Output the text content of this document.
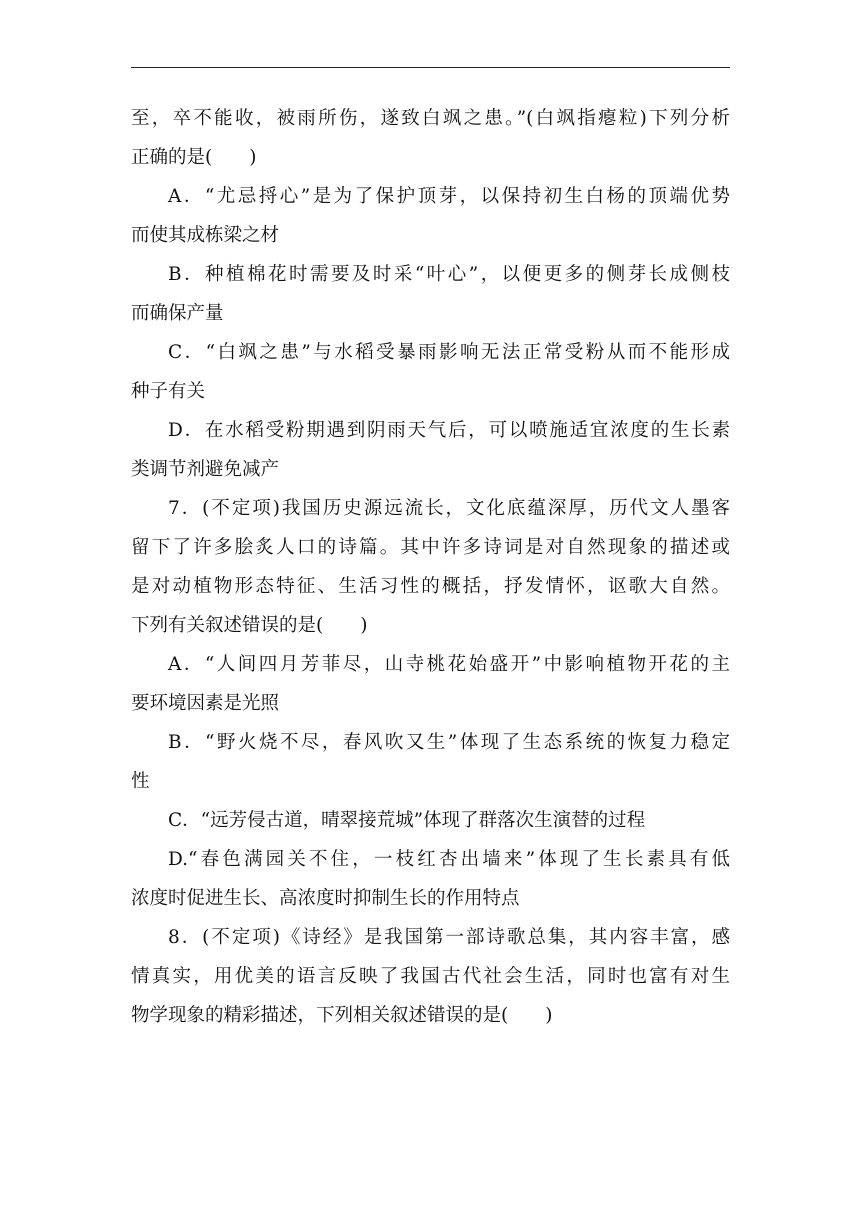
至，卒不能收，被雨所伤，遂致白飒之患。”(白飒指瘪粒)下列分析
正确的是(　　)
A．“尤忌捋心”是为了保护顶芽，以保持初生白杨的顶端优势
而使其成栋梁之材
B．种植棉花时需要及时采“叶心”，以便更多的侧芽长成侧枝
而确保产量
C．“白飒之患”与水稻受暴雨影响无法正常受粉从而不能形成
种子有关
D．在水稻受粉期遇到阴雨天气后，可以喷施适宜浓度的生长素
类调节剂避免减产
7．(不定项)我国历史源远流长，文化底蕴深厚，历代文人墨客
留下了许多脍炙人口的诗篇。其中许多诗词是对自然现象的描述或
是对动植物形态特征、生活习性的概括，抒发情怀，讴歌大自然。
下列有关叙述错误的是(　　)
A．“人间四月芳菲尽，山寺桃花始盛开”中影响植物开花的主
要环境因素是光照
B．“野火烧不尽，春风吹又生”体现了生态系统的恢复力稳定
性
C．“远芳侵古道，晴翠接荒城”体现了群落次生演替的过程
D.“春色满园关不住，一枝红杏出墙来”体现了生长素具有低
浓度时促进生长、高浓度时抑制生长的作用特点
8．(不定项)《诗经》是我国第一部诗歌总集，其内容丰富，感
情真实，用优美的语言反映了我国古代社会生活，同时也富有对生
物学现象的精彩描述，下列相关叙述错误的是(　　)
